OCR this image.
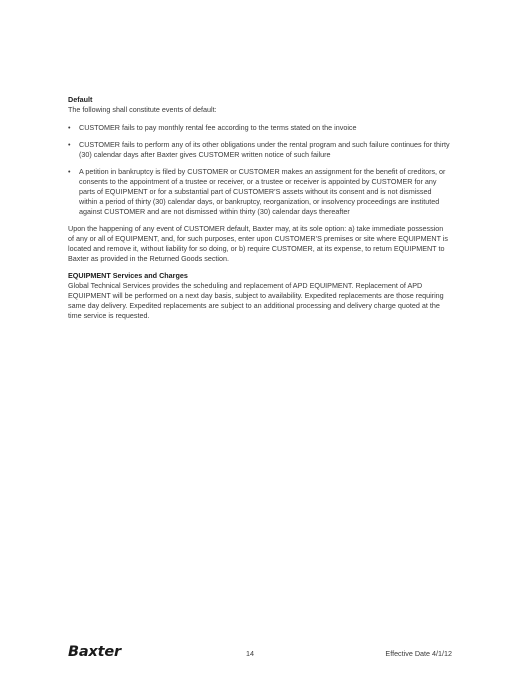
Default

The following shall constitute events of default:

• CUSTOMER fails to pay monthly rental fee according to the terms stated on the invoice
• CUSTOMER fails to perform any of its other obligations under the rental program and such failure continues for thirty (30) calendar days after Baxter gives CUSTOMER written notice of such failure
• A petition in bankruptcy is filed by CUSTOMER or CUSTOMER makes an assignment for the benefit of creditors, or consents to the appointment of a trustee or receiver, or a trustee or receiver is appointed by CUSTOMER for any parts of EQUIPMENT or for a substantial part of CUSTOMER’S assets without its consent and is not dismissed within a period of thirty (30) calendar days, or bankruptcy, reorganization, or insolvency proceedings are instituted against CUSTOMER and are not dismissed within thirty (30) calendar days thereafter

Upon the happening of any event of CUSTOMER default, Baxter may, at its sole option: a) take immediate possession of any or all of EQUIPMENT, and, for such purposes, enter upon CUSTOMER’S premises or site where EQUIPMENT is located and remove it, without liability for so doing, or b) require CUSTOMER, at its expense, to return EQUIPMENT to Baxter as provided in the Returned Goods section.

EQUIPMENT Services and Charges

Global Technical Services provides the scheduling and replacement of APD EQUIPMENT. Replacement of APD EQUIPMENT will be performed on a next day basis, subject to availability. Expedited replacements are those requiring same day delivery. Expedited replacements are subject to an additional processing and delivery charge quoted at the time service is requested.

Baxter	14	Effective Date 4/1/12
